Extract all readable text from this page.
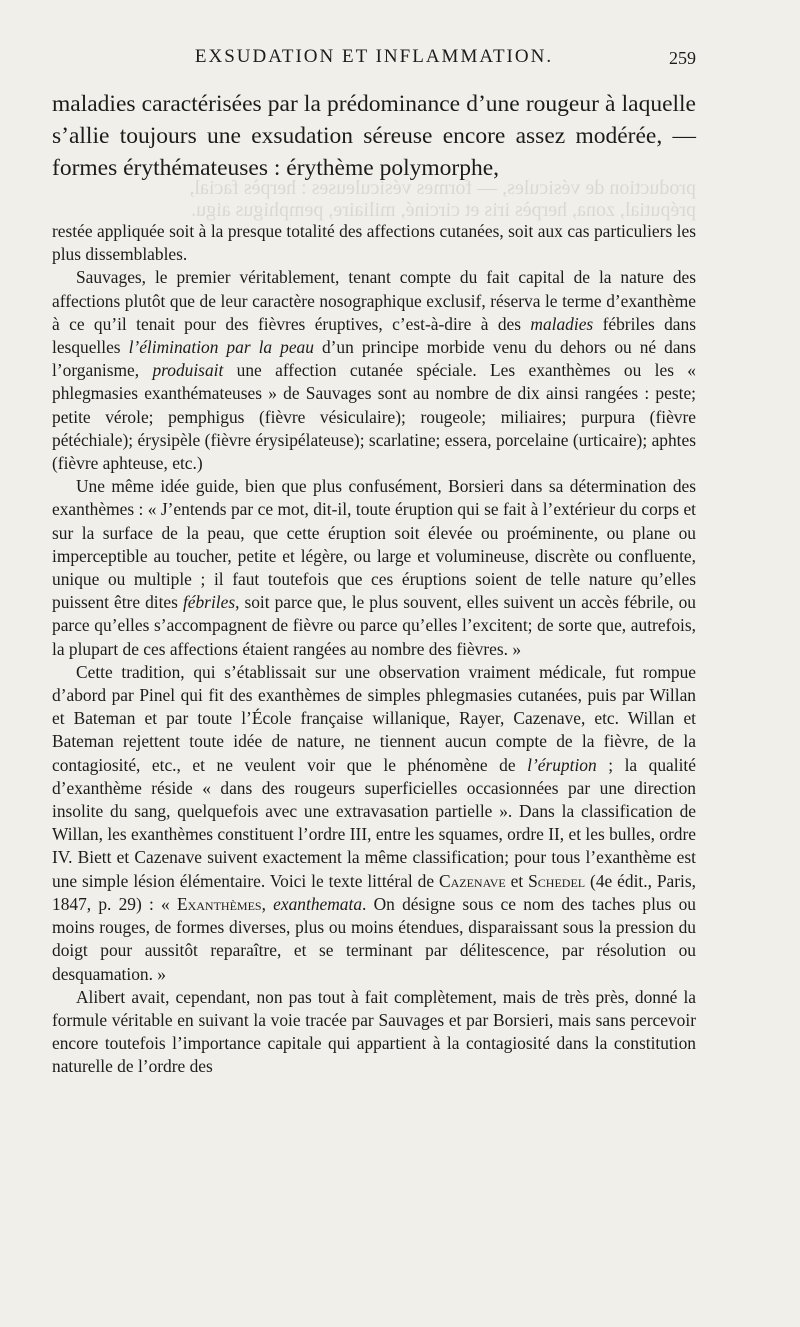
EXSUDATION ET INFLAMMATION.	259

maladies caractérisées par la prédominance d’une rougeur à laquelle s’allie toujours une exsudation séreuse encore assez modérée, — formes érythémateuses : érythème polymorphe,

production de vésicules, — formes vésiculeuses : herpès facial,
préputial, zona, herpès iris et circiné, miliaire, pemphigus aigu.

restée appliquée soit à la presque totalité des affections cutanées, soit aux cas particuliers les plus dissemblables.

Sauvages, le premier véritablement, tenant compte du fait capital de la nature des affections plutôt que de leur caractère nosographique exclusif, réserva le terme d’exanthème à ce qu’il tenait pour des fièvres éruptives, c’est-à-dire à des maladies fébriles dans lesquelles l’élimination par la peau d’un principe morbide venu du dehors ou né dans l’organisme, produisait une affection cutanée spéciale. Les exanthèmes ou les « phlegmasies exanthémateuses » de Sauvages sont au nombre de dix ainsi rangées : peste; petite vérole; pemphigus (fièvre vésiculaire); rougeole; miliaires; purpura (fièvre pétéchiale); érysipèle (fièvre érysipélateuse); scarlatine; essera, porcelaine (urticaire); aphtes (fièvre aphteuse, etc.)

Une même idée guide, bien que plus confusément, Borsieri dans sa détermination des exanthèmes : « J’entends par ce mot, dit-il, toute éruption qui se fait à l’extérieur du corps et sur la surface de la peau, que cette éruption soit élevée ou proéminente, ou plane ou imperceptible au toucher, petite et légère, ou large et volumineuse, discrète ou confluente, unique ou multiple ; il faut toutefois que ces éruptions soient de telle nature qu’elles puissent être dites fébriles, soit parce que, le plus souvent, elles suivent un accès fébrile, ou parce qu’elles s’accompagnent de fièvre ou parce qu’elles l’excitent; de sorte que, autrefois, la plupart de ces affections étaient rangées au nombre des fièvres. »

Cette tradition, qui s’établissait sur une observation vraiment médicale, fut rompue d’abord par Pinel qui fit des exanthèmes de simples phlegmasies cutanées, puis par Willan et Bateman et par toute l’École française willanique, Rayer, Cazenave, etc. Willan et Bateman rejettent toute idée de nature, ne tiennent aucun compte de la fièvre, de la contagiosité, etc., et ne veulent voir que le phénomène de l’éruption ; la qualité d’exanthème réside « dans des rougeurs superficielles occasionnées par une direction insolite du sang, quelquefois avec une extravasation partielle ». Dans la classification de Willan, les exanthèmes constituent l’ordre III, entre les squames, ordre II, et les bulles, ordre IV. Biett et Cazenave suivent exactement la même classification; pour tous l’exanthème est une simple lésion élémentaire. Voici le texte littéral de Cazenave et Schedel (4e édit., Paris, 1847, p. 29) : « Exanthèmes, exanthemata. On désigne sous ce nom des taches plus ou moins rouges, de formes diverses, plus ou moins étendues, disparaissant sous la pression du doigt pour aussitôt reparaître, et se terminant par délitescence, par résolution ou desquamation. »

Alibert avait, cependant, non pas tout à fait complètement, mais de très près, donné la formule véritable en suivant la voie tracée par Sauvages et par Borsieri, mais sans percevoir encore toutefois l’importance capitale qui appartient à la contagiosité dans la constitution naturelle de l’ordre des
